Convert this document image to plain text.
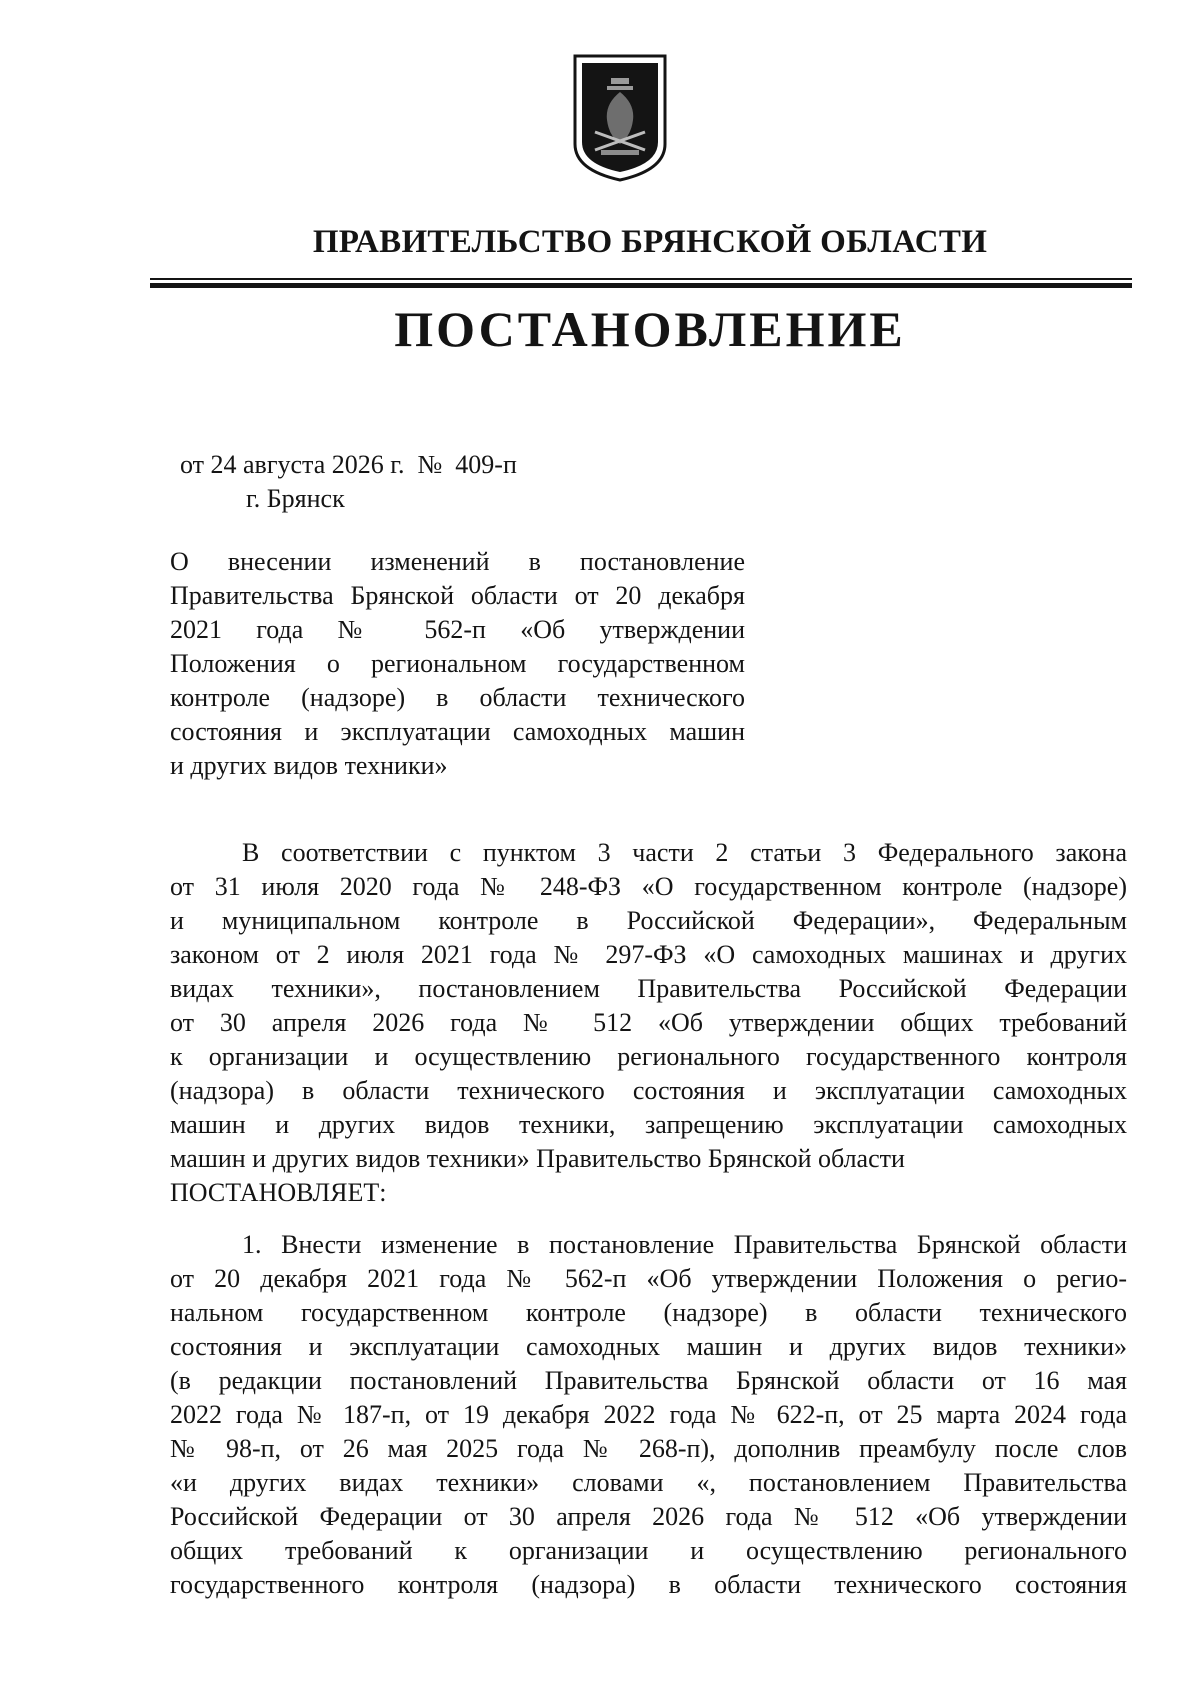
ПРАВИТЕЛЬСТВО БРЯНСКОЙ ОБЛАСТИ
ПОСТАНОВЛЕНИЕ
от 24 августа 2026 г.  №  409-п
г. Брянск
О внесении изменений в постановление
Правительства Брянской области от 20 декабря
2021 года № 562-п «Об утверждении
Положения о региональном государственном
контроле (надзоре) в области технического
состояния и эксплуатации самоходных машин
и других видов техники»
В соответствии с пунктом 3 части 2 статьи 3 Федерального закона
от 31 июля 2020 года № 248-ФЗ «О государственном контроле (надзоре)
и муниципальном контроле в Российской Федерации», Федеральным
законом от 2 июля 2021 года № 297-ФЗ «О самоходных машинах и других
видах техники», постановлением Правительства Российской Федерации
от 30 апреля 2026 года № 512 «Об утверждении общих требований
к организации и осуществлению регионального государственного контроля
(надзора) в области технического состояния и эксплуатации самоходных
машин и других видов техники, запрещению эксплуатации самоходных
машин и других видов техники» Правительство Брянской области
ПОСТАНОВЛЯЕТ:
1. Внести изменение в постановление Правительства Брянской области
от 20 декабря 2021 года № 562-п «Об утверждении Положения о регио-
нальном государственном контроле (надзоре) в области технического
состояния и эксплуатации самоходных машин и других видов техники»
(в редакции постановлений Правительства Брянской области от 16 мая
2022 года № 187-п, от 19 декабря 2022 года № 622-п, от 25 марта 2024 года
№ 98-п, от 26 мая 2025 года № 268-п), дополнив преамбулу после слов
«и других видах техники» словами «, постановлением Правительства
Российской Федерации от 30 апреля 2026 года № 512 «Об утверждении
общих требований к организации и осуществлению регионального
государственного контроля (надзора) в области технического состояния
